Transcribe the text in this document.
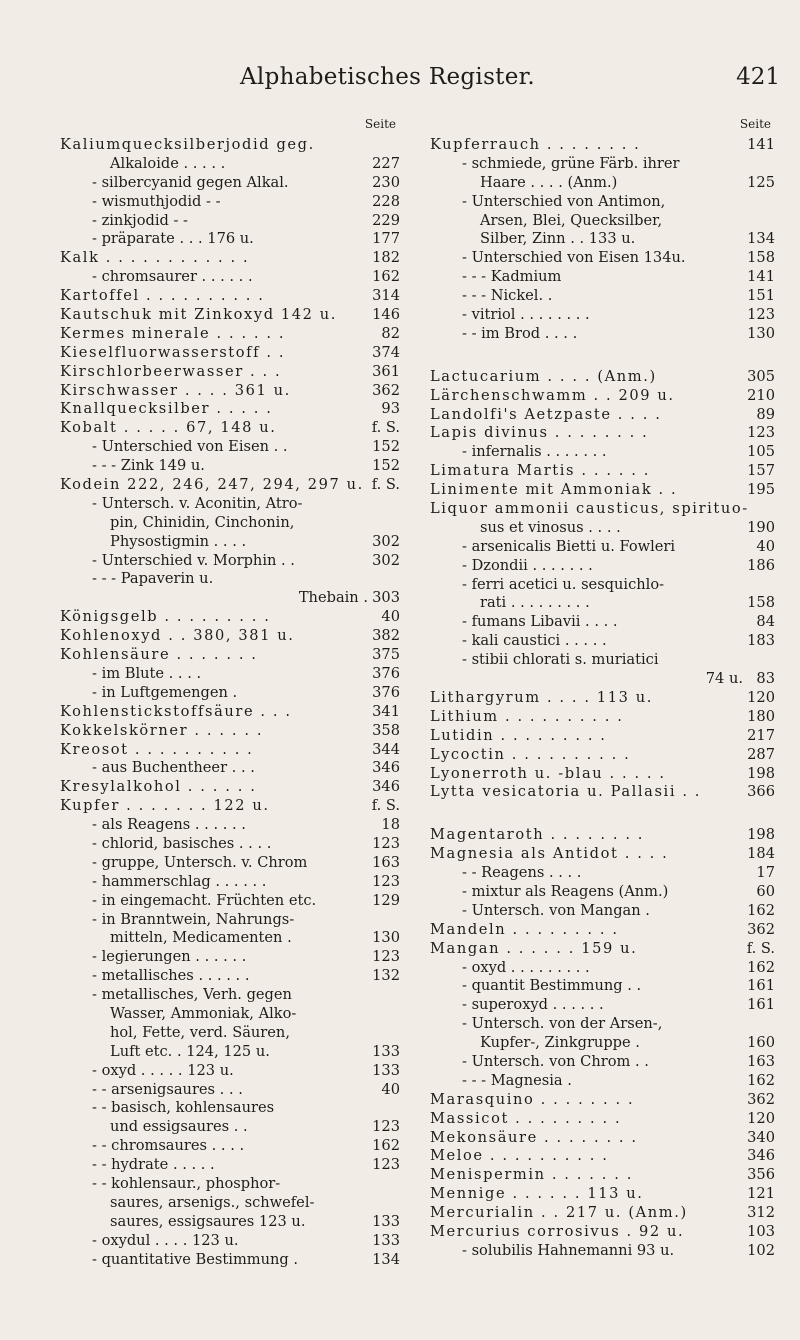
Alphabetisches Register.	421
Seite
Kaliumquecksilberjodid geg.
Alkaloide . . . . .	227
- silbercyanid gegen Alkal.	230
- wismuthjodid - -	228
- zinkjodid - -	229
- präparate . . . 176 u.	177
Kalk . . . . . . . . . . . .	182
- chromsaurer . . . . . .	162
Kartoffel . . . . . . . . . .	314
Kautschuk mit Zinkoxyd 142 u. 146
Kermes minerale . . . . . .	82
Kieselfluorwasserstoff . .	374
Kirschlorbeerwasser . . .	361
Kirschwasser . . . . 361 u.	362
Knallquecksilber . . . . .	93
Kobalt . . . . . 67, 148 u.	f. S.
- Unterschied von Eisen . .	152
- - - Zink 149 u.	152
Kodein 222, 246, 247, 294, 297 u. f. S.
- Untersch. v. Aconitin, Atro-
pin, Chinidin, Cinchonin,
Physostigmin . . . .	302
- Unterschied v. Morphin . .	302
- - - Papaverin u.
Thebain . 303
Königsgelb . . . . . . . . .	40
Kohlenoxyd . . 380, 381 u.	382
Kohlensäure . . . . . . .	375
- im Blute . . . .	376
- in Luftgemengen .	376
Kohlenstickstoffsäure . . .	341
Kokkelskörner . . . . . .	358
Kreosot . . . . . . . . . .	344
- aus Buchentheer . . .	346
Kresylalkohol . . . . . .	346
Kupfer . . . . . . . 122 u.	f. S.
- als Reagens . . . . . .	18
- chlorid, basisches . . . .	123
- gruppe, Untersch. v. Chrom	163
- hammerschlag . . . . . .	123
- in eingemacht. Früchten etc.	129
- in Branntwein, Nahrungs-
mitteln, Medicamenten .	130
- legierungen . . . . . .	123
- metallisches . . . . . .	132
- metallisches, Verh. gegen
Wasser, Ammoniak, Alko-
hol, Fette, verd. Säuren,
Luft etc. . 124, 125 u.	133
- oxyd . . . . . 123 u.	133
- - arsenigsaures . . .	40
- - basisch, kohlensaures
und essigsaures . .	123
- - chromsaures . . . .	162
- - hydrate . . . . .	123
- - kohlensaur., phosphor-
saures, arsenigs., schwefel-
saures, essigsaures 123 u.	133
- oxydul . . . . 123 u.	133
- quantitative Bestimmung .	134
Seite
Kupferrauch . . . . . . . .	141
- schmiede, grüne Färb. ihrer
Haare . . . . (Anm.)	125
- Unterschied von Antimon,
Arsen, Blei, Quecksilber,
Silber, Zinn . . 133 u.	134
- Unterschied von Eisen 134u.	158
- - - Kadmium	141
- - - Nickel. .	151
- vitriol . . . . . . . .	123
- - im Brod . . . .	130
Lactucarium . . . . (Anm.)	305
Lärchenschwamm . . 209 u.	210
Landolfi's Aetzpaste . . . .	89
Lapis divinus . . . . . . . .	123
- infernalis . . . . . . .	105
Limatura Martis . . . . . .	157
Linimente mit Ammoniak . .	195
Liquor ammonii causticus, spirituo-
sus et vinosus . . . .	190
- arsenicalis Bietti u. Fowleri	40
- Dzondii . . . . . . .	186
- ferri acetici u. sesquichlo-
rati . . . . . . . . .	158
- fumans Libavii . . . .	84
- kali caustici . . . . .	183
- stibii chlorati s. muriatici
74 u. 83
Lithargyrum . . . . 113 u.	120
Lithium . . . . . . . . . .	180
Lutidin . . . . . . . . .	217
Lycoctin . . . . . . . . . .	287
Lyonerroth u. -blau . . . . .	198
Lytta vesicatoria u. Pallasii . .	366
Magentaroth . . . . . . . .	198
Magnesia als Antidot . . . .	184
- - Reagens . . . .	17
- mixtur als Reagens (Anm.)	60
- Untersch. von Mangan .	162
Mandeln . . . . . . . . .	362
Mangan . . . . . . 159 u.	f. S.
- oxyd . . . . . . . . .	162
- quantit Bestimmung . .	161
- superoxyd . . . . . .	161
- Untersch. von der Arsen-,
Kupfer-, Zinkgruppe .	160
- Untersch. von Chrom . .	163
- - - Magnesia .	162
Marasquino . . . . . . . .	362
Massicot . . . . . . . . .	120
Mekonsäure . . . . . . . .	340
Meloe . . . . . . . . . .	346
Menispermin . . . . . . .	356
Mennige . . . . . . 113 u.	121
Mercurialin . . 217 u. (Anm.)	312
Mercurius corrosivus . 92 u.	103
- solubilis Hahnemanni 93 u.	102
